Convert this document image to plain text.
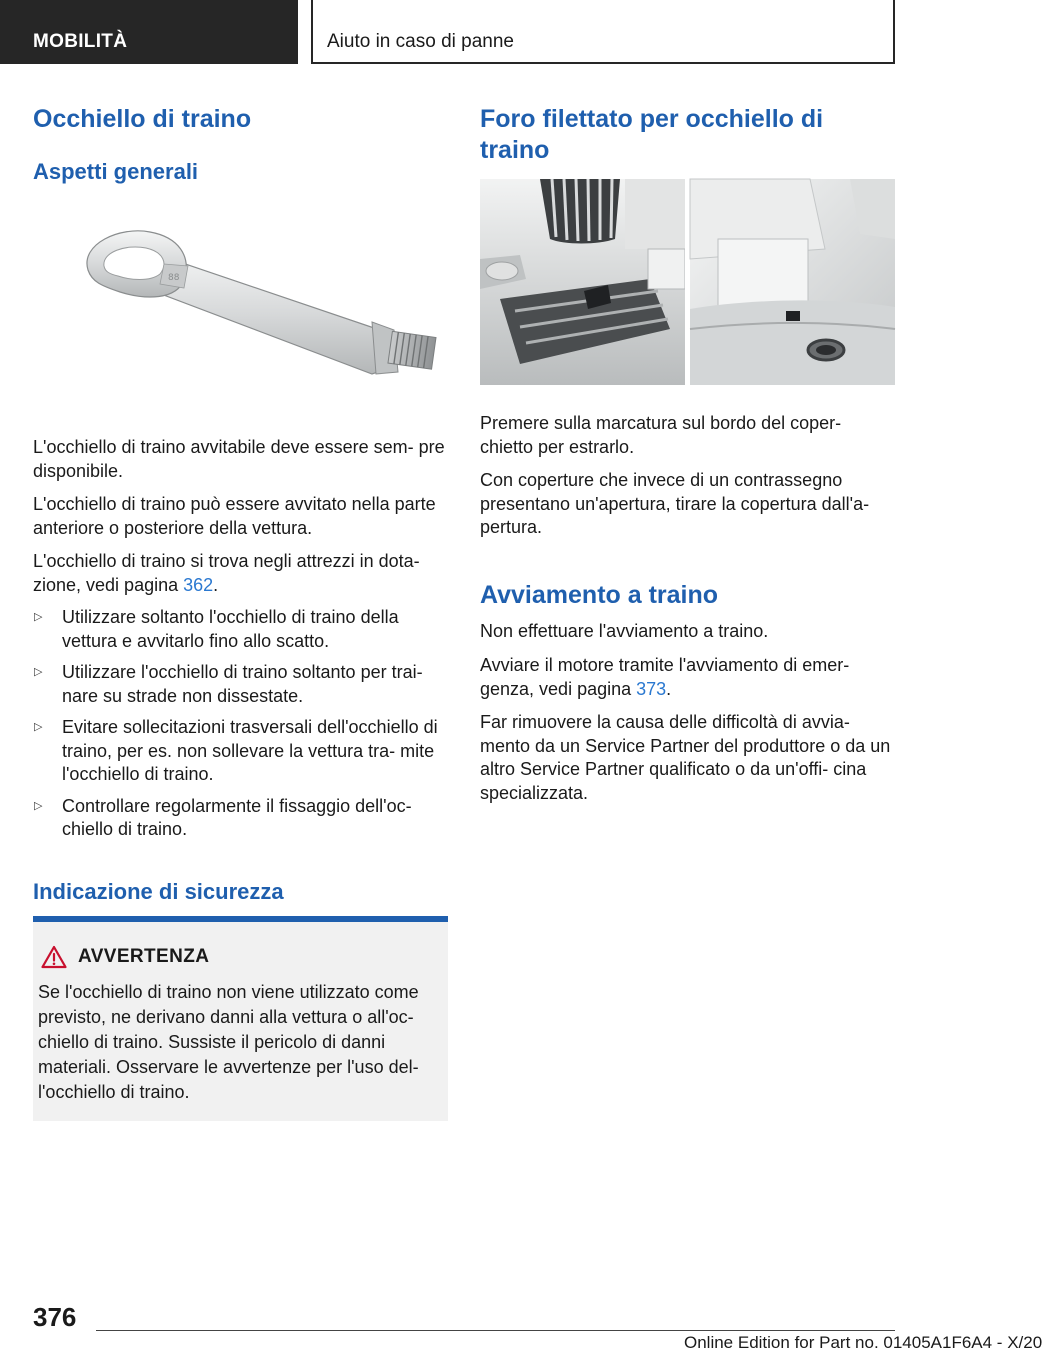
MOBILITÀ	Aiuto in caso di panne
Occhiello di traino
Aspetti generali
88

L'occhiello di traino avvitabile deve essere sem‐ pre disponibile.

L'occhiello di traino può essere avvitato nella parte anteriore o posteriore della vettura.

L'occhiello di traino si trova negli attrezzi in dota‐ zione, vedi pagina 362.

▷	Utilizzare soltanto l'occhiello di traino della vettura e avvitarlo fino allo scatto.
▷	Utilizzare l'occhiello di traino soltanto per trai‐ nare su strade non dissestate.
▷	Evitare sollecitazioni trasversali dell'occhiello di traino, per es. non sollevare la vettura tra‐ mite l'occhiello di traino.
▷	Controllare regolarmente il fissaggio dell'oc‐ chiello di traino.
Indicazione di sicurezza
AVVERTENZA
Se l'occhiello di traino non viene utilizzato come previsto, ne derivano danni alla vettura o all'oc‐ chiello di traino. Sussiste il pericolo di danni materiali. Osservare le avvertenze per l'uso del‐ l'occhiello di traino.
Foro filettato per occhiello di traino

Premere sulla marcatura sul bordo del coper‐ chietto per estrarlo.

Con coperture che invece di un contrassegno presentano un'apertura, tirare la copertura dall'a‐ pertura.

Avviamento a traino

Non effettuare l'avviamento a traino.

Avviare il motore tramite l'avviamento di emer‐ genza, vedi pagina 373.

Far rimuovere la causa delle difficoltà di avvia‐ mento da un Service Partner del produttore o da un altro Service Partner qualificato o da un'offi‐ cina specializzata.

376
Online Edition for Part no. 01405A1F6A4 - X/20
